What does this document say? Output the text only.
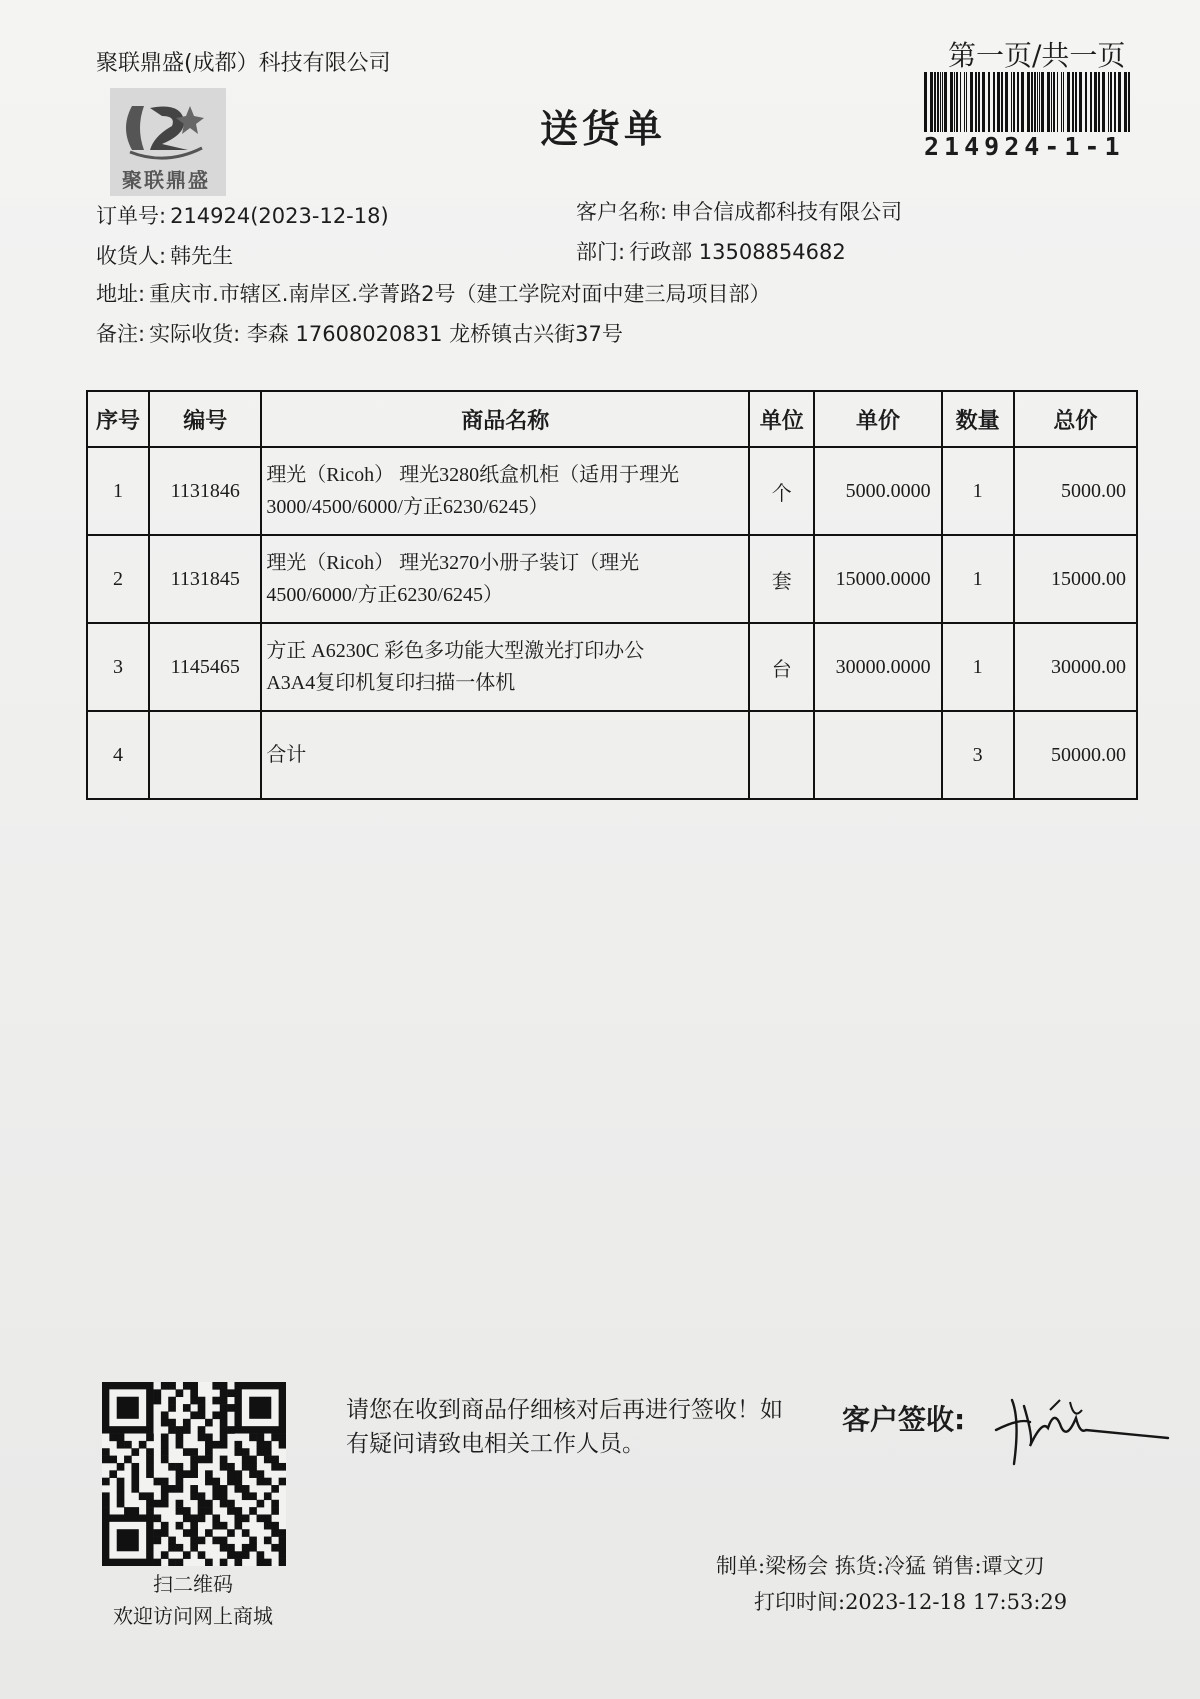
聚联鼎盛(成都）科技有限公司
聚联鼎盛
送货单
第一页/共一页
214924-1-1
订单号: 214924(2023-12-18)	客户名称: 申合信成都科技有限公司
收货人: 韩先生	部门: 行政部 13508854682
地址: 重庆市.市辖区.南岸区.学菁路2号（建工学院对面中建三局项目部）
备注: 实际收货: 李森 17608020831 龙桥镇古兴街37号
序号	编号	商品名称	单位	单价	数量	总价
1	1131846	理光（Ricoh） 理光3280纸盒机柜（适用于理光
3000/4500/6000/方正6230/6245）	个	5000.0000	1	5000.00
2	1131845	理光（Ricoh） 理光3270小册子装订（理光
4500/6000/方正6230/6245）	套	15000.0000	1	15000.00
3	1145465	方正 A6230C 彩色多功能大型激光打印办公
A3A4复印机复印扫描一体机	台	30000.0000	1	30000.00
4		合计			3	50000.00
扫二维码
欢迎访问网上商城
请您在收到商品仔细核对后再进行签收！如有疑问请致电相关工作人员。
客户签收:
制单:梁杨会 拣货:冷猛 销售:谭文刃
打印时间:2023-12-18 17:53:29
